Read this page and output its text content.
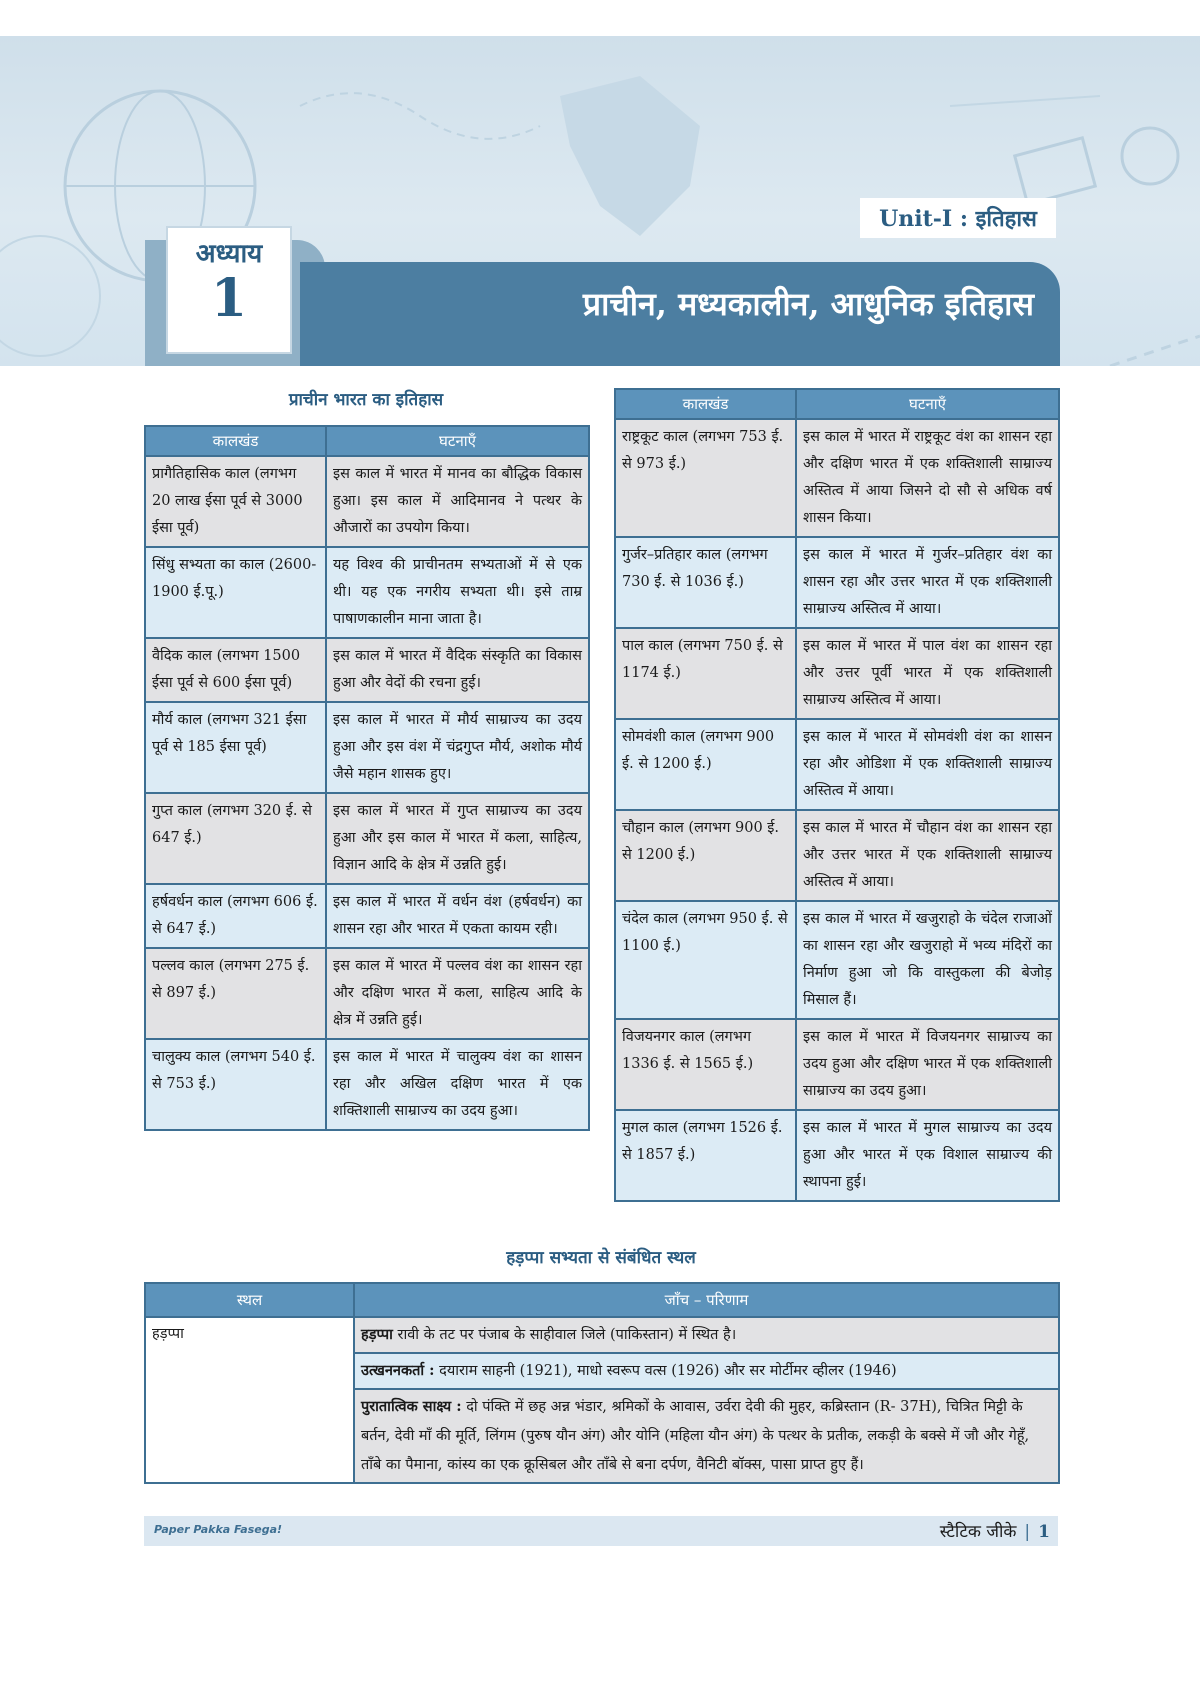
Unit-I : इतिहास
प्राचीन, मध्यकालीन, आधुनिक इतिहास
अध्याय
1
प्राचीन भारत का इतिहास
कालखंड	घटनाएँ
प्रागैतिहासिक काल (लगभग 20 लाख ईसा पूर्व से 3000 ईसा पूर्व)	इस काल में भारत में मानव का बौद्धिक विकास हुआ। इस काल में आदिमानव ने पत्थर के औजारों का उपयोग किया।
सिंधु सभ्यता का काल (2600-1900 ई.पू.)	यह विश्व की प्राचीनतम सभ्यताओं में से एक थी। यह एक नगरीय सभ्यता थी। इसे ताम्र पाषाणकालीन माना जाता है।
वैदिक काल (लगभग 1500 ईसा पूर्व से 600 ईसा पूर्व)	इस काल में भारत में वैदिक संस्कृति का विकास हुआ और वेदों की रचना हुई।
मौर्य काल (लगभग 321 ईसा पूर्व से 185 ईसा पूर्व)	इस काल में भारत में मौर्य साम्राज्य का उदय हुआ और इस वंश में चंद्रगुप्त मौर्य, अशोक मौर्य जैसे महान शासक हुए।
गुप्त काल (लगभग 320 ई. से 647 ई.)	इस काल में भारत में गुप्त साम्राज्य का उदय हुआ और इस काल में भारत में कला, साहित्य, विज्ञान आदि के क्षेत्र में उन्नति हुई।
हर्षवर्धन काल (लगभग 606 ई. से 647 ई.)	इस काल में भारत में वर्धन वंश (हर्षवर्धन) का शासन रहा और भारत में एकता कायम रही।
पल्लव काल (लगभग 275 ई. से 897 ई.)	इस काल में भारत में पल्लव वंश का शासन रहा और दक्षिण भारत में कला, साहित्य आदि के क्षेत्र में उन्नति हुई।
चालुक्य काल (लगभग 540 ई. से 753 ई.)	इस काल में भारत में चालुक्य वंश का शासन रहा और अखिल दक्षिण भारत में एक शक्तिशाली साम्राज्य का उदय हुआ।
कालखंड	घटनाएँ
राष्ट्रकूट काल (लगभग 753 ई. से 973 ई.)	इस काल में भारत में राष्ट्रकूट वंश का शासन रहा और दक्षिण भारत में एक शक्तिशाली साम्राज्य अस्तित्व में आया जिसने दो सौ से अधिक वर्ष शासन किया।
गुर्जर–प्रतिहार काल (लगभग 730 ई. से 1036 ई.)	इस काल में भारत में गुर्जर–प्रतिहार वंश का शासन रहा और उत्तर भारत में एक शक्तिशाली साम्राज्य अस्तित्व में आया।
पाल काल (लगभग 750 ई. से 1174 ई.)	इस काल में भारत में पाल वंश का शासन रहा और उत्तर पूर्वी भारत में एक शक्तिशाली साम्राज्य अस्तित्व में आया।
सोमवंशी काल (लगभग 900 ई. से 1200 ई.)	इस काल में भारत में सोमवंशी वंश का शासन रहा और ओडिशा में एक शक्तिशाली साम्राज्य अस्तित्व में आया।
चौहान काल (लगभग 900 ई. से 1200 ई.)	इस काल में भारत में चौहान वंश का शासन रहा और उत्तर भारत में एक शक्तिशाली साम्राज्य अस्तित्व में आया।
चंदेल काल (लगभग 950 ई. से 1100 ई.)	इस काल में भारत में खजुराहो के चंदेल राजाओं का शासन रहा और खजुराहो में भव्य मंदिरों का निर्माण हुआ जो कि वास्तुकला की बेजोड़ मिसाल हैं।
विजयनगर काल (लगभग 1336 ई. से 1565 ई.)	इस काल में भारत में विजयनगर साम्राज्य का उदय हुआ और दक्षिण भारत में एक शक्तिशाली साम्राज्य का उदय हुआ।
मुगल काल (लगभग 1526 ई. से 1857 ई.)	इस काल में भारत में मुगल साम्राज्य का उदय हुआ और भारत में एक विशाल साम्राज्य की स्थापना हुई।
हड़प्पा सभ्यता से संबंधित स्थल
स्थल	जाँच – परिणाम
हड़प्पा	हड़प्पा रावी के तट पर पंजाब के साहीवाल जिले (पाकिस्तान) में स्थित है।
	उत्खननकर्ता : दयाराम साहनी (1921), माधो स्वरूप वत्स (1926) और सर मोर्टीमर व्हीलर (1946)
	पुरातात्विक साक्ष्य : दो पंक्ति में छह अन्न भंडार, श्रमिकों के आवास, उर्वरा देवी की मुहर, कब्रिस्तान (R- 37H), चित्रित मिट्टी के बर्तन, देवी माँ की मूर्ति, लिंगम (पुरुष यौन अंग) और योनि (महिला यौन अंग) के पत्थर के प्रतीक, लकड़ी के बक्से में जौ और गेहूँ, ताँबे का पैमाना, कांस्य का एक क्रूसिबल और ताँबे से बना दर्पण, वैनिटी बॉक्स, पासा प्राप्त हुए हैं।
Paper Pakka Fasega!	स्टैटिक जीके | 1
